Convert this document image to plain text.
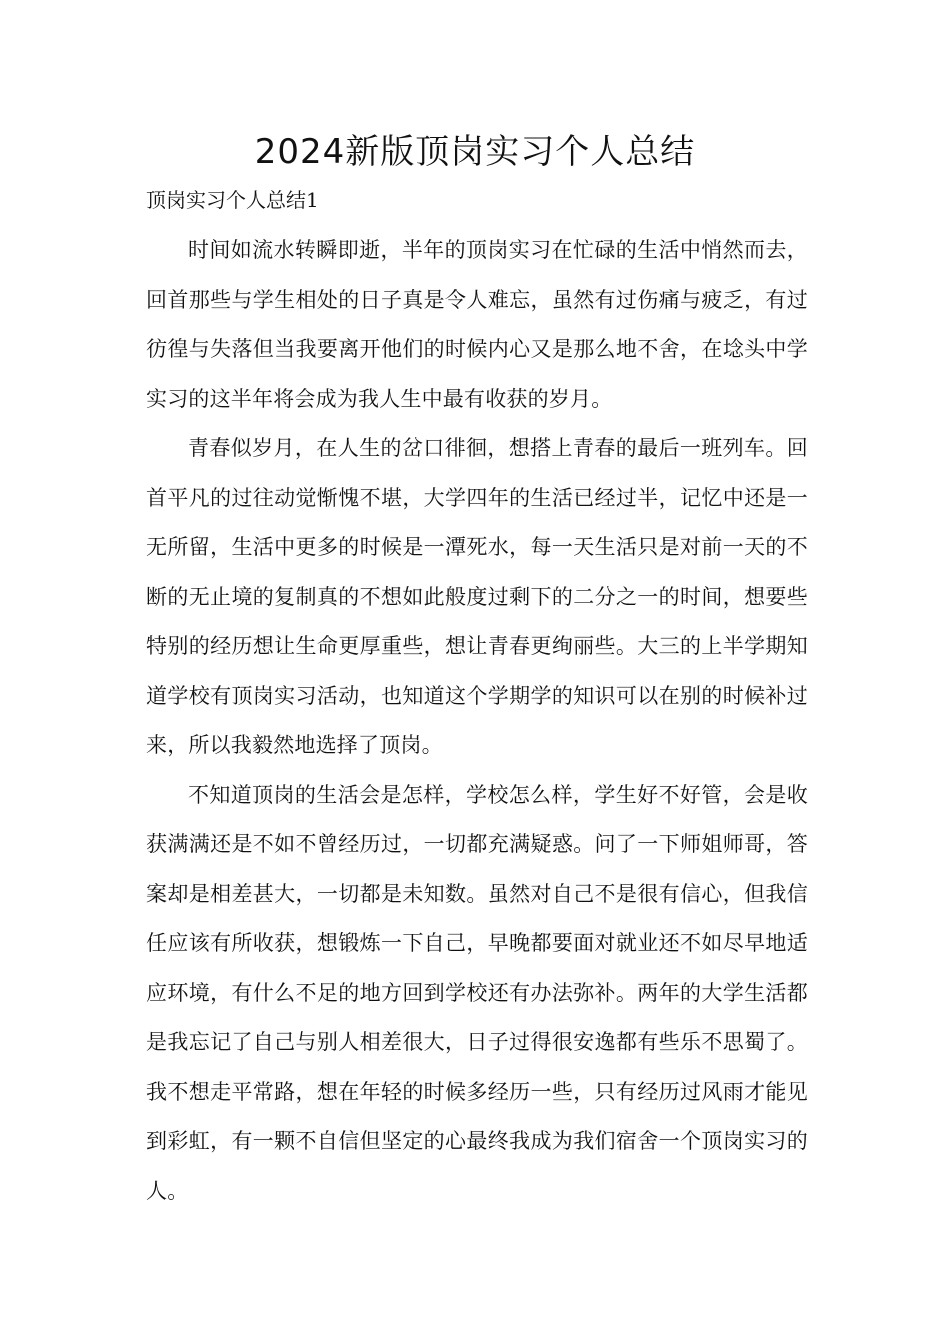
2024新版顶岗实习个人总结

顶岗实习个人总结1

时间如流水转瞬即逝，半年的顶岗实习在忙碌的生活中悄然而去，回首那些与学生相处的日子真是令人难忘，虽然有过伤痛与疲乏，有过彷徨与失落但当我要离开他们的时候内心又是那么地不舍，在埝头中学实习的这半年将会成为我人生中最有收获的岁月。

青春似岁月，在人生的岔口徘徊，想搭上青春的最后一班列车。回首平凡的过往动觉惭愧不堪，大学四年的生活已经过半，记忆中还是一无所留，生活中更多的时候是一潭死水，每一天生活只是对前一天的不断的无止境的复制真的不想如此般度过剩下的二分之一的时间，想要些特别的经历想让生命更厚重些，想让青春更绚丽些。大三的上半学期知道学校有顶岗实习活动，也知道这个学期学的知识可以在别的时候补过来，所以我毅然地选择了顶岗。

不知道顶岗的生活会是怎样，学校怎么样，学生好不好管，会是收获满满还是不如不曾经历过，一切都充满疑惑。问了一下师姐师哥，答案却是相差甚大，一切都是未知数。虽然对自己不是很有信心，但我信任应该有所收获，想锻炼一下自己，早晚都要面对就业还不如尽早地适应环境，有什么不足的地方回到学校还有办法弥补。两年的大学生活都是我忘记了自己与别人相差很大，日子过得很安逸都有些乐不思蜀了。我不想走平常路，想在年轻的时候多经历一些，只有经历过风雨才能见到彩虹，有一颗不自信但坚定的心最终我成为我们宿舍一个顶岗实习的人。
